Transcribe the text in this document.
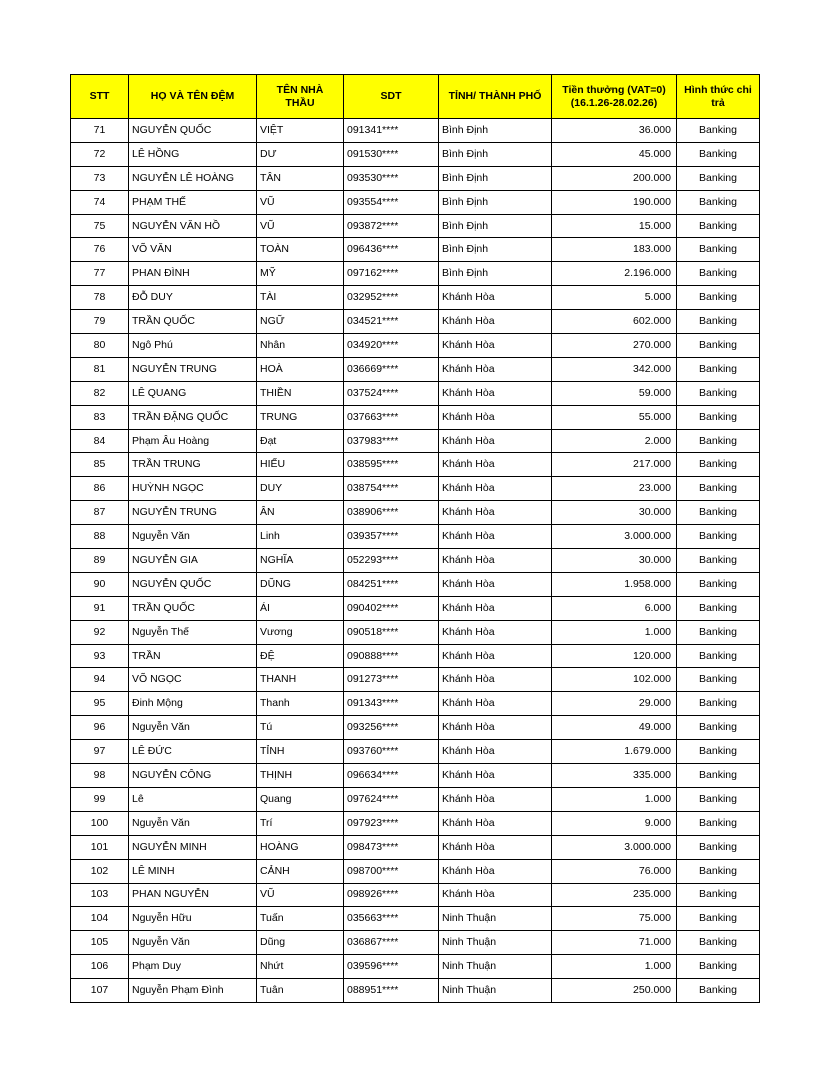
STT	HỌ VÀ TÊN ĐỆM	TÊN NHÀ THẦU	SDT	TỈNH/ THÀNH PHỐ	Tiền thưởng (VAT=0)
(16.1.26-28.02.26)	Hình thức chi trả
71	NGUYỄN QUỐC	VIỆT	091341****	Bình Định	36.000	Banking
72	LÊ HỒNG	DƯ	091530****	Bình Định	45.000	Banking
73	NGUYỄN LÊ HOÀNG	TÂN	093530****	Bình Định	200.000	Banking
74	PHẠM THẾ	VŨ	093554****	Bình Định	190.000	Banking
75	NGUYỄN VĂN HỒ	VŨ	093872****	Bình Định	15.000	Banking
76	VÕ VĂN	TOÀN	096436****	Bình Định	183.000	Banking
77	PHAN ĐÌNH	MỸ	097162****	Bình Định	2.196.000	Banking
78	ĐỖ DUY	TÀI	032952****	Khánh Hòa	5.000	Banking
79	TRẦN QUỐC	NGỮ	034521****	Khánh Hòa	602.000	Banking
80	Ngô Phú	Nhân	034920****	Khánh Hòa	270.000	Banking
81	NGUYỄN TRUNG	HOÀ	036669****	Khánh Hòa	342.000	Banking
82	LÊ QUANG	THIỀN	037524****	Khánh Hòa	59.000	Banking
83	TRẦN ĐẶNG QUỐC	TRUNG	037663****	Khánh Hòa	55.000	Banking
84	Phạm Âu Hoàng	Đạt	037983****	Khánh Hòa	2.000	Banking
85	TRẦN TRUNG	HIẾU	038595****	Khánh Hòa	217.000	Banking
86	HUỲNH NGỌC	DUY	038754****	Khánh Hòa	23.000	Banking
87	NGUYỄN TRUNG	ÂN	038906****	Khánh Hòa	30.000	Banking
88	Nguyễn Văn	Linh	039357****	Khánh Hòa	3.000.000	Banking
89	NGUYỄN GIA	NGHĨA	052293****	Khánh Hòa	30.000	Banking
90	NGUYỄN QUỐC	DŨNG	084251****	Khánh Hòa	1.958.000	Banking
91	TRẦN QUỐC	ÁI	090402****	Khánh Hòa	6.000	Banking
92	Nguyễn Thế	Vương	090518****	Khánh Hòa	1.000	Banking
93	TRẦN	ĐỆ	090888****	Khánh Hòa	120.000	Banking
94	VÕ NGỌC	THANH	091273****	Khánh Hòa	102.000	Banking
95	Đinh Mộng	Thanh	091343****	Khánh Hòa	29.000	Banking
96	Nguyễn Văn	Tú	093256****	Khánh Hòa	49.000	Banking
97	LÊ ĐỨC	TỈNH	093760****	Khánh Hòa	1.679.000	Banking
98	NGUYỄN CÔNG	THỊNH	096634****	Khánh Hòa	335.000	Banking
99	Lê	Quang	097624****	Khánh Hòa	1.000	Banking
100	Nguyễn Văn	Trí	097923****	Khánh Hòa	9.000	Banking
101	NGUYỄN MINH	HOÀNG	098473****	Khánh Hòa	3.000.000	Banking
102	LÊ MINH	CẢNH	098700****	Khánh Hòa	76.000	Banking
103	PHAN NGUYỄN	VŨ	098926****	Khánh Hòa	235.000	Banking
104	Nguyễn Hữu	Tuấn	035663****	Ninh Thuận	75.000	Banking
105	Nguyễn Văn	Dũng	036867****	Ninh Thuận	71.000	Banking
106	Phạm Duy	Nhứt	039596****	Ninh Thuận	1.000	Banking
107	Nguyễn Phạm Đình	Tuân	088951****	Ninh Thuận	250.000	Banking
